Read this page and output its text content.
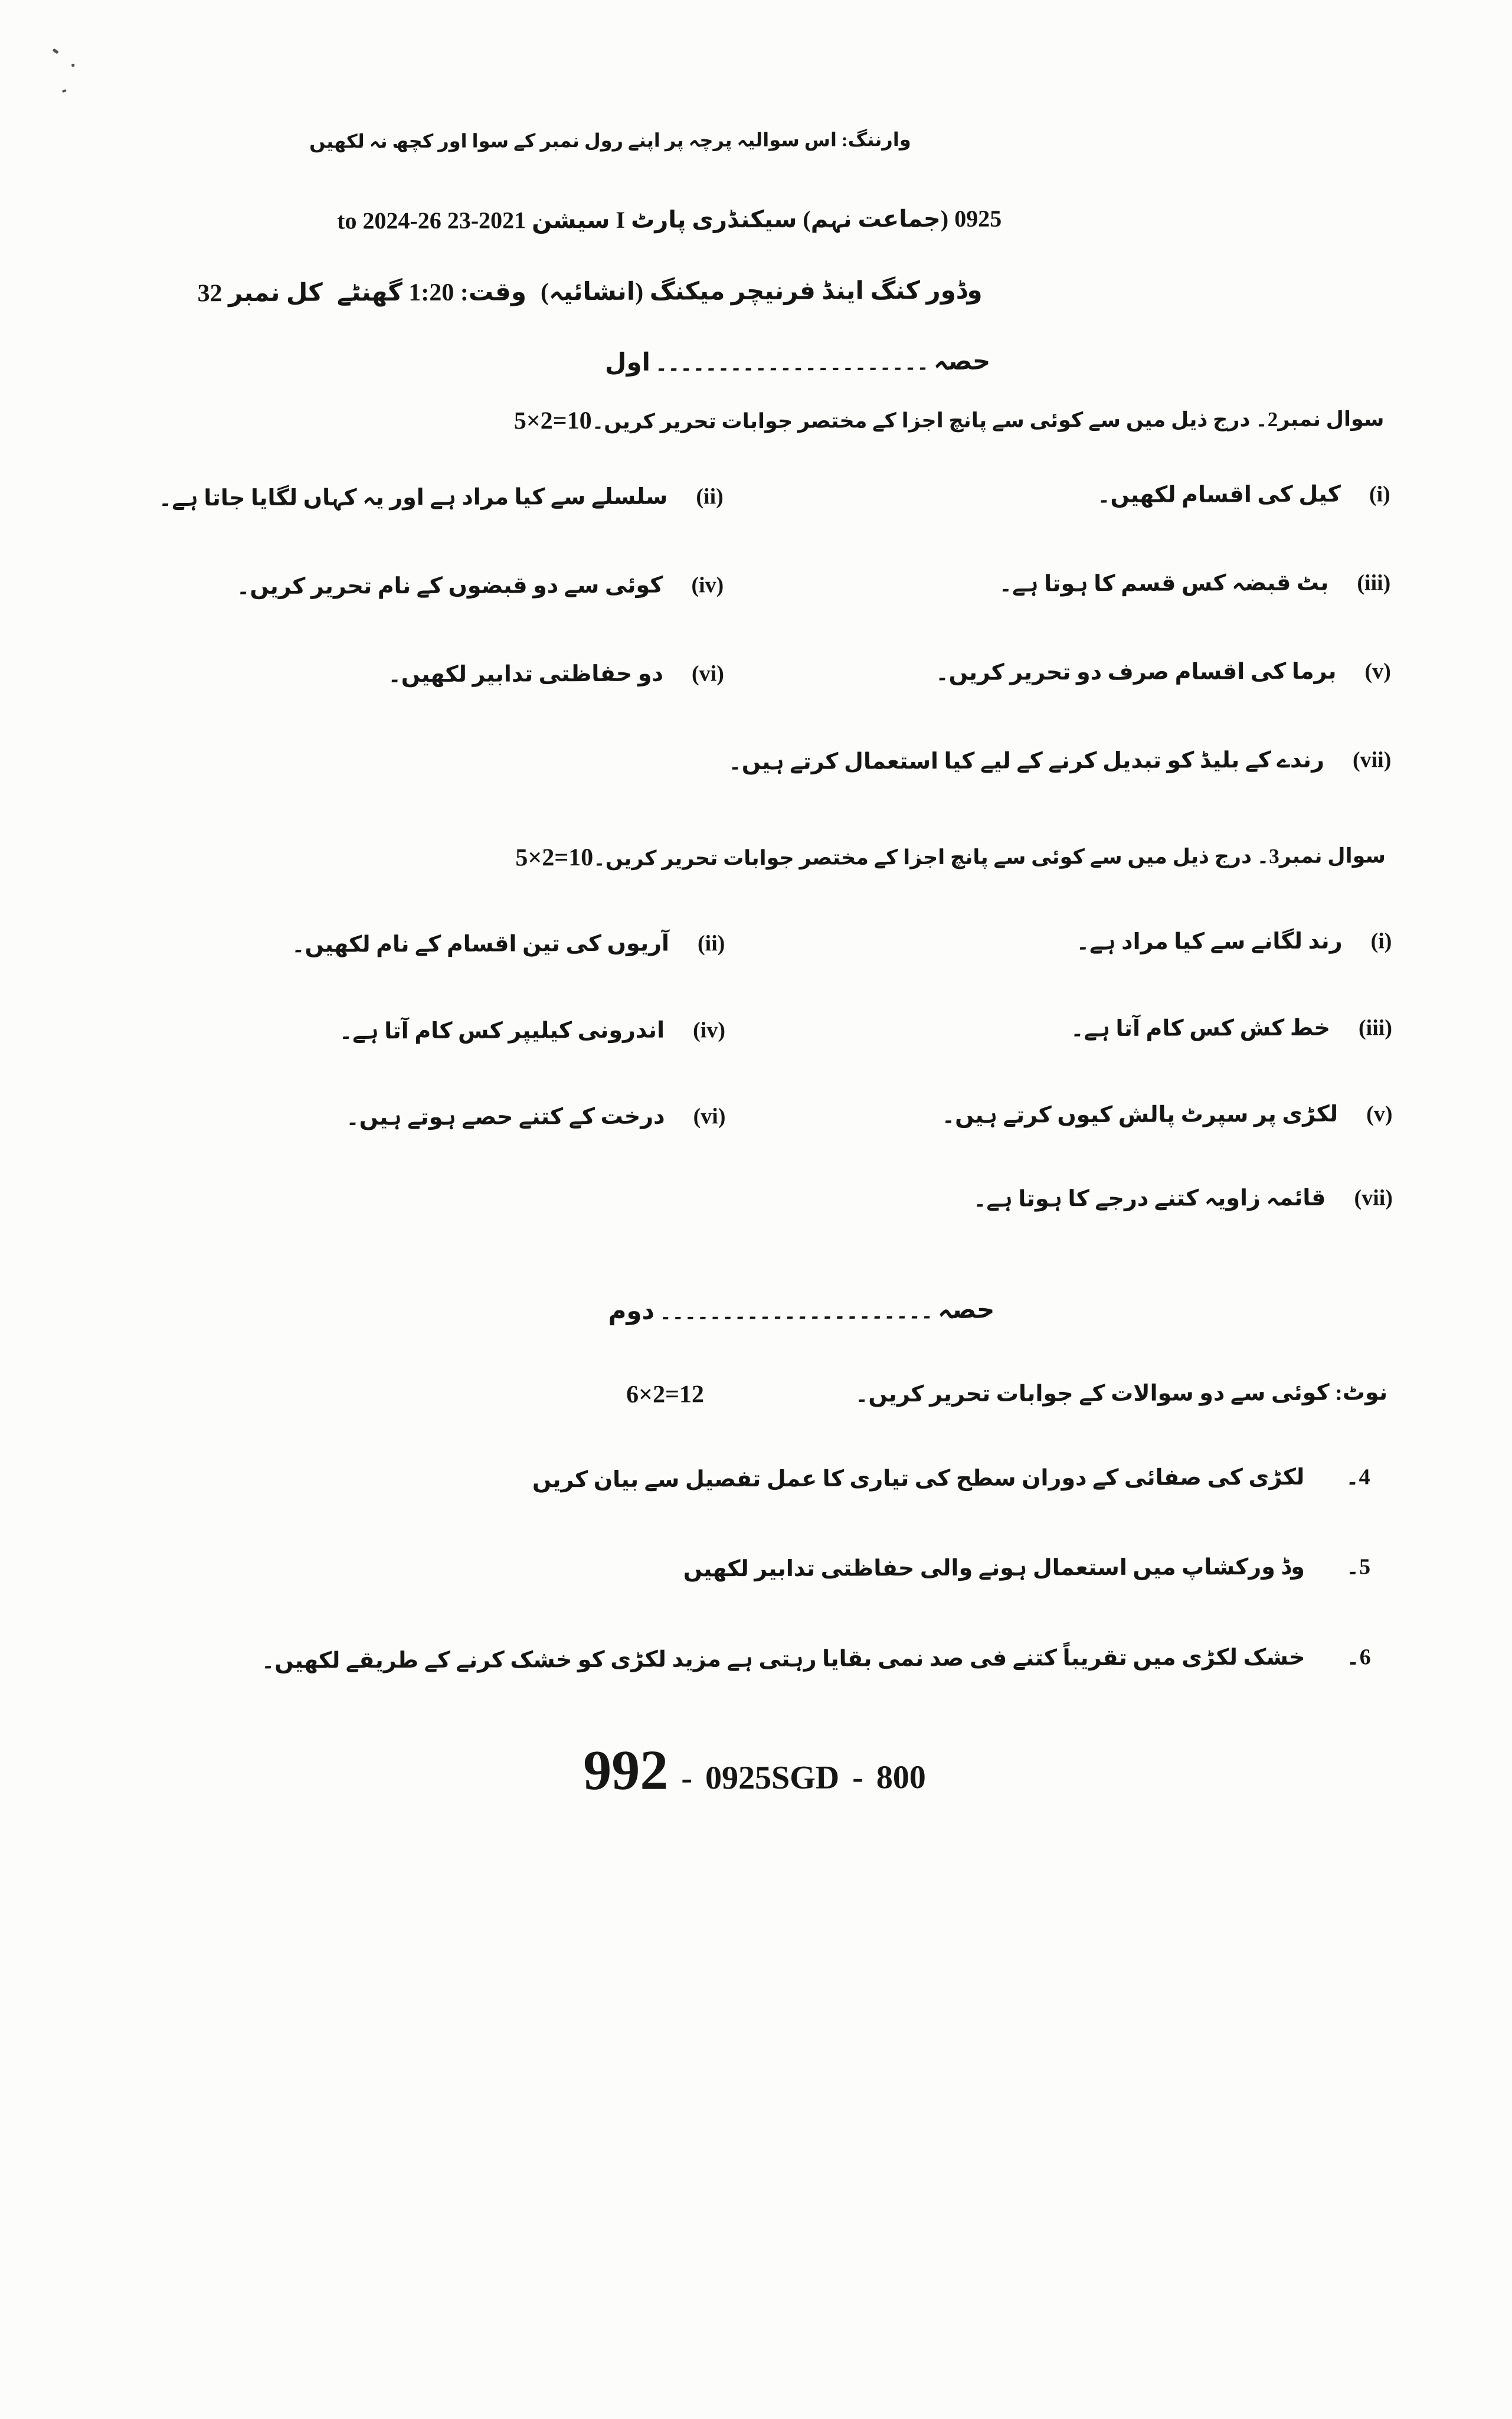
وارننگ: اس سوالیہ پرچہ پر اپنے رول نمبر کے سوا اور کچھ نہ لکھیں
0925 (جماعت نہم) سیکنڈری پارٹ I سیشن 2021-23 to 2024-26
وڈور کنگ اینڈ فرنیچر میکنگ (انشائیہ)
وقت: 1:20 گھنٹے
کل نمبر 32
حصہ
۔۔۔۔۔۔۔۔۔۔۔۔۔۔۔۔۔۔۔۔۔۔
اول
سوال نمبر2۔ درج ذیل میں سے کوئی سے پانچ اجزا کے مختصر جوابات تحریر کریں۔
5×2=10
(i)کیل کی اقسام لکھیں۔
(ii)سلسلے سے کیا مراد ہے اور یہ کہاں لگایا جاتا ہے۔
(iii)بٹ قبضہ کس قسم کا ہوتا ہے۔
(iv)کوئی سے دو قبضوں کے نام تحریر کریں۔
(v)برما کی اقسام صرف دو تحریر کریں۔
(vi)دو حفاظتی تدابیر لکھیں۔
(vii)رندے کے بلیڈ کو تبدیل کرنے کے لیے کیا استعمال کرتے ہیں۔
سوال نمبر3۔ درج ذیل میں سے کوئی سے پانچ اجزا کے مختصر جوابات تحریر کریں۔
5×2=10
(i)رند لگانے سے کیا مراد ہے۔
(ii)آریوں کی تین اقسام کے نام لکھیں۔
(iii)خط کش کس کام آتا ہے۔
(iv)اندرونی کیلیپر کس کام آتا ہے۔
(v)لکڑی پر سپرٹ پالش کیوں کرتے ہیں۔
(vi)درخت کے کتنے حصے ہوتے ہیں۔
(vii)قائمہ زاویہ کتنے درجے کا ہوتا ہے۔
حصہ
۔۔۔۔۔۔۔۔۔۔۔۔۔۔۔۔۔۔۔۔۔۔
دوم
نوٹ: کوئی سے دو سوالات کے جوابات تحریر کریں۔
6×2=12
4۔لکڑی کی صفائی کے دوران سطح کی تیاری کا عمل تفصیل سے بیان کریں
5۔وڈ ورکشاپ میں استعمال ہونے والی حفاظتی تدابیر لکھیں
6۔خشک لکڑی میں تقریباً کتنے فی صد نمی بقایا رہتی ہے مزید لکڑی کو خشک کرنے کے طریقے لکھیں۔
992 - 0925SGD - 800
